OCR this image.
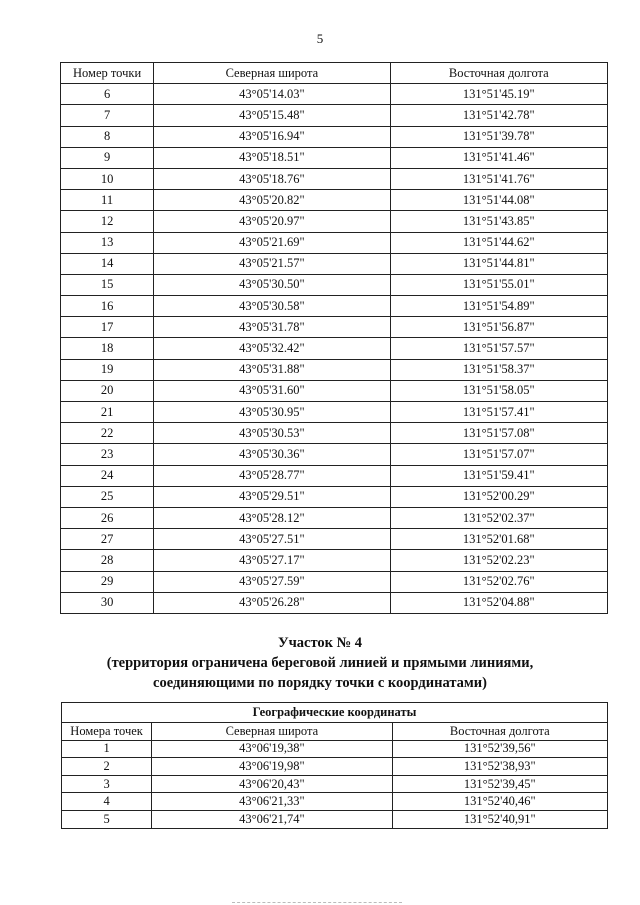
5
Номер точки	Северная широта	Восточная долгота
6	43°05'14.03"	131°51'45.19"
7	43°05'15.48"	131°51'42.78"
8	43°05'16.94"	131°51'39.78"
9	43°05'18.51"	131°51'41.46"
10	43°05'18.76"	131°51'41.76"
11	43°05'20.82"	131°51'44.08"
12	43°05'20.97"	131°51'43.85"
13	43°05'21.69"	131°51'44.62"
14	43°05'21.57"	131°51'44.81"
15	43°05'30.50"	131°51'55.01"
16	43°05'30.58"	131°51'54.89"
17	43°05'31.78"	131°51'56.87"
18	43°05'32.42"	131°51'57.57"
19	43°05'31.88"	131°51'58.37"
20	43°05'31.60"	131°51'58.05"
21	43°05'30.95"	131°51'57.41"
22	43°05'30.53"	131°51'57.08"
23	43°05'30.36"	131°51'57.07"
24	43°05'28.77"	131°51'59.41"
25	43°05'29.51"	131°52'00.29"
26	43°05'28.12"	131°52'02.37"
27	43°05'27.51"	131°52'01.68"
28	43°05'27.17"	131°52'02.23"
29	43°05'27.59"	131°52'02.76"
30	43°05'26.28"	131°52'04.88"
Участок № 4
(территория ограничена береговой линией и прямыми линиями,
соединяющими по порядку точки с координатами)
Географические координаты		
Номера точек	Северная широта	Восточная долгота
1	43°06'19,38"	131°52'39,56"
2	43°06'19,98"	131°52'38,93"
3	43°06'20,43"	131°52'39,45"
4	43°06'21,33"	131°52'40,46"
5	43°06'21,74"	131°52'40,91"
